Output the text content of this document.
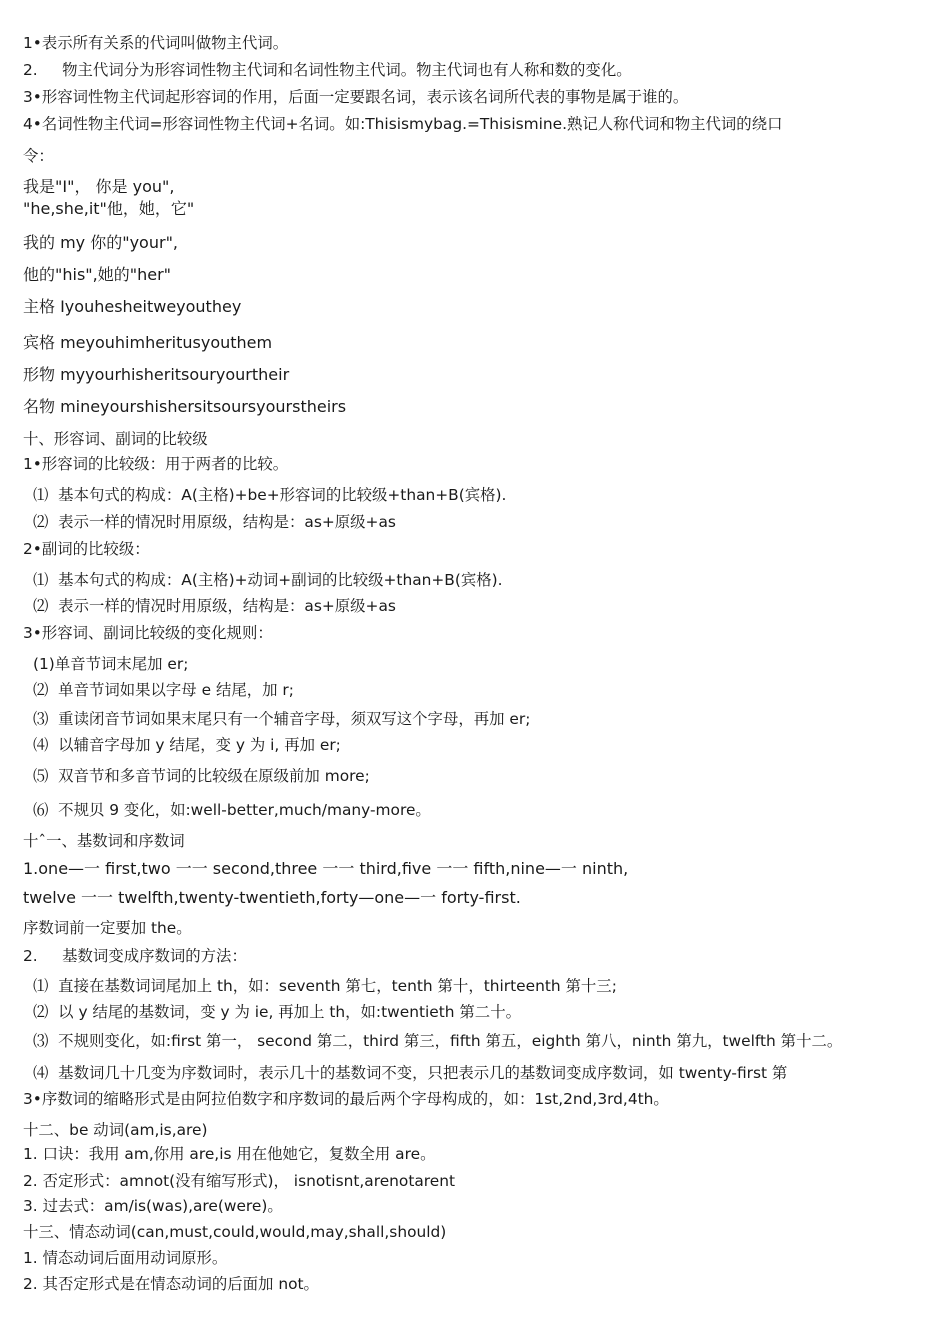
1•表示所有关系的代词叫做物主代词。
2.     物主代词分为形容词性物主代词和名词性物主代词。物主代词也有人称和数的变化。
3•形容词性物主代词起形容词的作用，后面一定要跟名词，表示该名词所代表的事物是属于谁的。
4•名词性物主代词=形容词性物主代词+名词。如:Thisismybag.=Thisismine.熟记人称代词和物主代词的绕口
令：
我是"I"， 你是 you",
"he,she,it"他，她，它"
我的 my 你的"your",
他的"his",她的"her"
主格 Iyouhesheitweyouthey
宾格 meyouhimheritusyouthem
形物 myyourhisheritsouryourtheir
名物 mineyourshishersitsoursyourstheirs
十、形容词、副词的比较级
1•形容词的比较级：用于两者的比较。
⑴  基本句式的构成：A(主格)+be+形容词的比较级+than+B(宾格).
⑵  表示一样的情况时用原级，结构是：as+原级+as
2•副词的比较级：
⑴  基本句式的构成：A(主格)+动词+副词的比较级+than+B(宾格).
⑵  表示一样的情况时用原级，结构是：as+原级+as
3•形容词、副词比较级的变化规则：
(1)单音节词末尾加 er;
⑵  单音节词如果以字母 e 结尾，加 r;
⑶  重读闭音节词如果末尾只有一个辅音字母，须双写这个字母，再加 er;
⑷  以辅音字母加 y 结尾，变 y 为 i, 再加 er;
⑸  双音节和多音节词的比较级在原级前加 more;
⑹  不规贝 9 变化，如:well-better,much/many-more。
十ˆ一、基数词和序数词
1.one—一 first,two 一一 second,three 一一 third,five 一一 fifth,nine—一 ninth,
twelve 一一 twelfth,twenty-twentieth,forty—one—一 forty-first.
序数词前一定要加 the。
2.     基数词变成序数词的方法：
⑴  直接在基数词词尾加上 th，如：seventh 第七，tenth 第十，thirteenth 第十三;
⑵  以 y 结尾的基数词，变 y 为 ie, 再加上 th，如:twentieth 第二十。
⑶  不规则变化，如:first 第一， second 第二，third 第三，fifth 第五，eighth 第八，ninth 第九，twelfth 第十二。
⑷  基数词几十几变为序数词时，表示几十的基数词不变，只把表示几的基数词变成序数词，如 twenty-first 第
3•序数词的缩略形式是由阿拉伯数字和序数词的最后两个字母构成的，如：1st,2nd,3rd,4th。
十二、be 动词(am,is,are)
1. 口诀：我用 am,你用 are,is 用在他她它，复数全用 are。
2. 否定形式：amnot(没有缩写形式)， isnotisnt,arenotarent
3. 过去式：am/is(was),are(were)。
十三、情态动词(can,must,could,would,may,shall,should)
1. 情态动词后面用动词原形。
2. 其否定形式是在情态动词的后面加 not。
